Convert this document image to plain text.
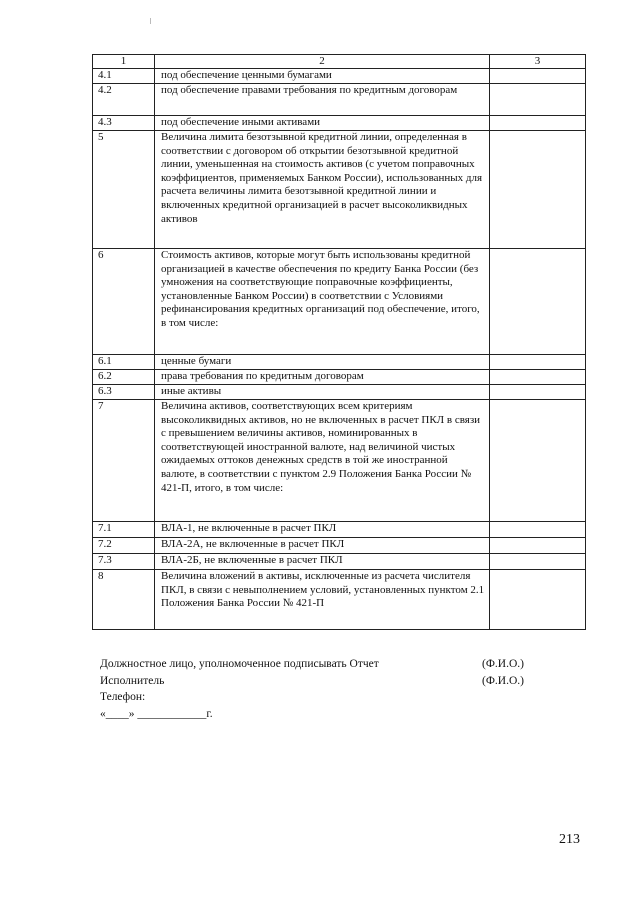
1	2	3
4.1	под обеспечение ценными бумагами	
4.2	под обеспечение правами требования по кредитным договорам	
4.3	под обеспечение иными активами	
5	Величина лимита безотзывной кредитной линии, определенная в соответствии с договором об открытии безотзывной кредитной линии, уменьшенная на стоимость активов (с учетом поправочных коэффициентов, применяемых Банком России), использованных для расчета величины лимита безотзывной кредитной линии и включенных кредитной организацией в расчет высоколиквидных активов	
6	Стоимость активов, которые могут быть использованы кредитной организацией в качестве обеспечения по кредиту Банка России (без умножения на соответствующие поправочные коэффициенты, установленные Банком России) в соответствии с Условиями рефинансирования кредитных организаций под обеспечение, итого, в том числе:	
6.1	ценные бумаги	
6.2	права требования по кредитным договорам	
6.3	иные активы	
7	Величина активов, соответствующих всем критериям высоколиквидных активов, но не включенных в расчет ПКЛ в связи с превышением величины активов, номинированных в соответствующей иностранной валюте, над величиной чистых ожидаемых оттоков денежных средств в той же иностранной валюте, в соответствии с пунктом 2.9 Положения Банка России № 421-П, итого, в том числе:	
7.1	ВЛА-1, не включенные в расчет ПКЛ	
7.2	ВЛА-2А, не включенные в расчет ПКЛ	
7.3	ВЛА-2Б, не включенные в расчет ПКЛ	
8	Величина вложений в активы, исключенные из расчета числителя ПКЛ, в связи с невыполнением условий, установленных пунктом 2.1 Положения Банка России № 421-П	
Должностное лицо, уполномоченное подписывать Отчет	(Ф.И.О.)
Исполнитель	(Ф.И.О.)
Телефон:
«____» ____________г.
213
